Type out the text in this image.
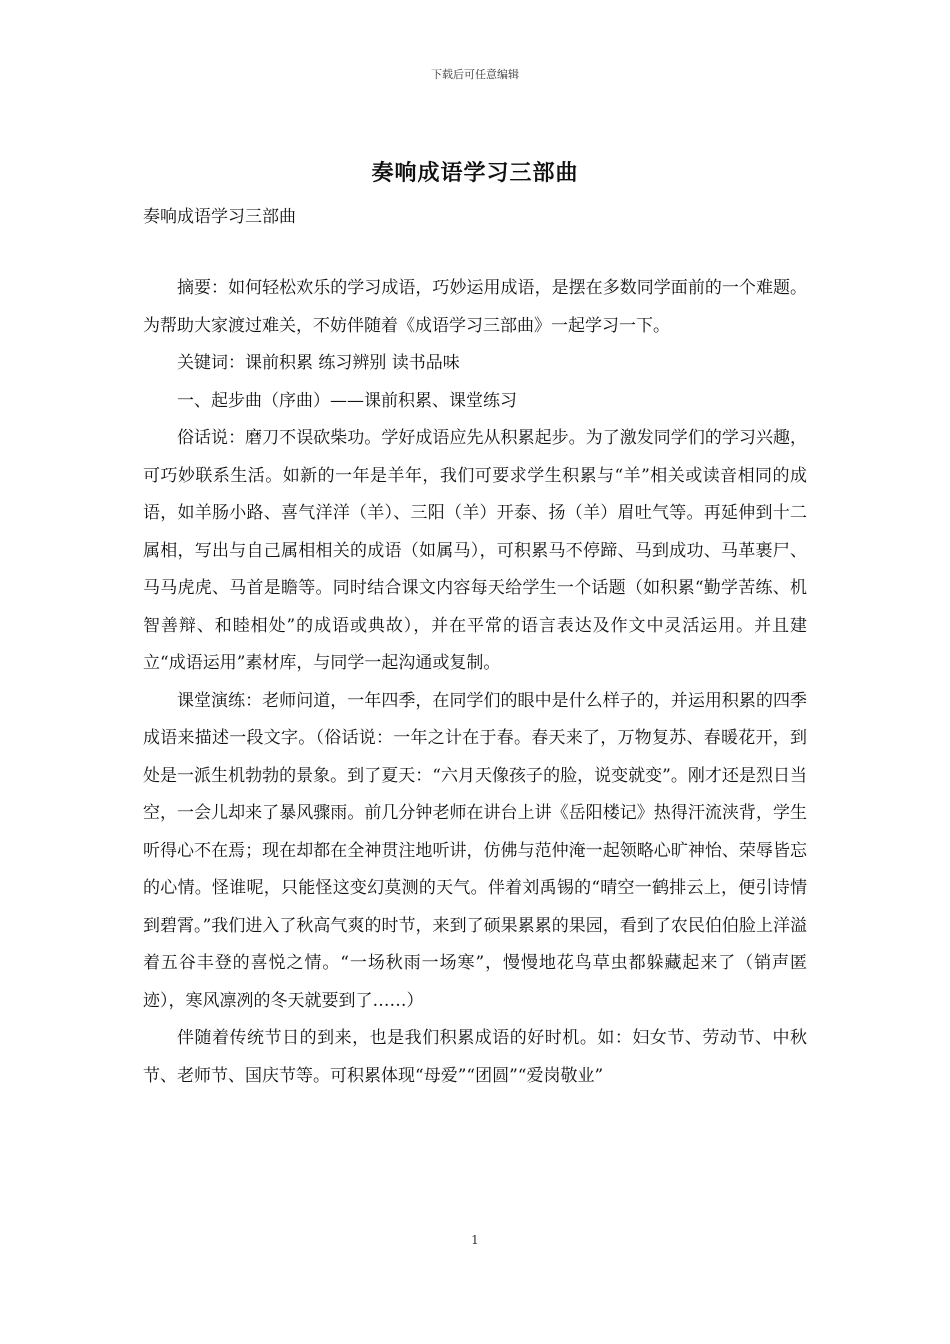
下载后可任意编辑
奏响成语学习三部曲
奏响成语学习三部曲

摘要：如何轻松欢乐的学习成语，巧妙运用成语，是摆在多数同学面前的一个难题。为帮助大家渡过难关，不妨伴随着《成语学习三部曲》一起学习一下。

关键词：课前积累 练习辨别 读书品味

一、起步曲（序曲）——课前积累、课堂练习

俗话说：磨刀不误砍柴功。学好成语应先从积累起步。为了激发同学们的学习兴趣，可巧妙联系生活。如新的一年是羊年，我们可要求学生积累与“羊”相关或读音相同的成语，如羊肠小路、喜气洋洋（羊）、三阳（羊）开泰、扬（羊）眉吐气等。再延伸到十二属相，写出与自己属相相关的成语（如属马），可积累马不停蹄、马到成功、马革裹尸、马马虎虎、马首是瞻等。同时结合课文内容每天给学生一个话题（如积累“勤学苦练、机智善辩、和睦相处”的成语或典故），并在平常的语言表达及作文中灵活运用。并且建立“成语运用”素材库，与同学一起沟通或复制。

课堂演练：老师问道，一年四季，在同学们的眼中是什么样子的，并运用积累的四季成语来描述一段文字。（俗话说：一年之计在于春。春天来了，万物复苏、春暖花开，到处是一派生机勃勃的景象。到了夏天：“六月天像孩子的脸，说变就变”。刚才还是烈日当空，一会儿却来了暴风骤雨。前几分钟老师在讲台上讲《岳阳楼记》热得汗流浃背，学生听得心不在焉；现在却都在全神贯注地听讲，仿佛与范仲淹一起领略心旷神怡、荣辱皆忘的心情。怪谁呢，只能怪这变幻莫测的天气。伴着刘禹锡的“晴空一鹤排云上，便引诗情到碧霄。”我们进入了秋高气爽的时节，来到了硕果累累的果园，看到了农民伯伯脸上洋溢着五谷丰登的喜悦之情。“一场秋雨一场寒”，慢慢地花鸟草虫都躲藏起来了（销声匿迹），寒风凛冽的冬天就要到了……）

伴随着传统节日的到来，也是我们积累成语的好时机。如：妇女节、劳动节、中秋节、老师节、国庆节等。可积累体现“母爱”“团圆”“爱岗敬业”

1
